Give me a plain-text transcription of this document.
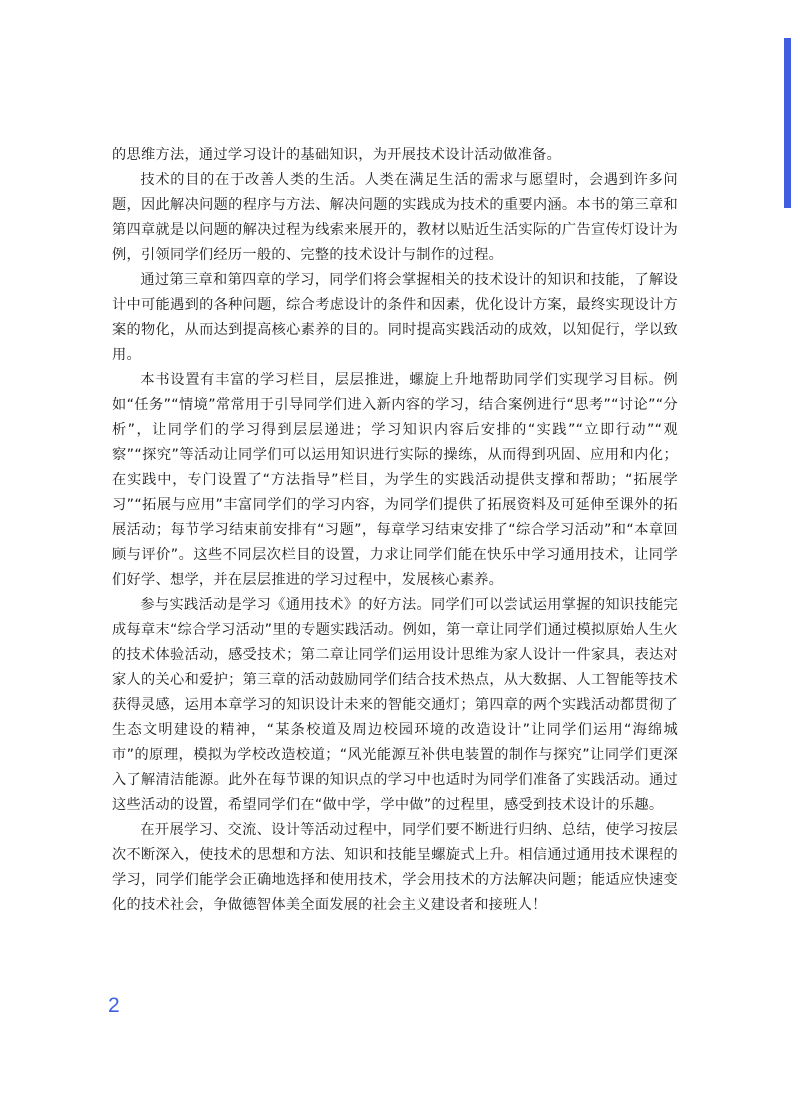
的思维方法，通过学习设计的基础知识，为开展技术设计活动做准备。

技术的目的在于改善人类的生活。人类在满足生活的需求与愿望时，会遇到许多问题，因此解决问题的程序与方法、解决问题的实践成为技术的重要内涵。本书的第三章和第四章就是以问题的解决过程为线索来展开的，教材以贴近生活实际的广告宣传灯设计为例，引领同学们经历一般的、完整的技术设计与制作的过程。

通过第三章和第四章的学习，同学们将会掌握相关的技术设计的知识和技能，了解设计中可能遇到的各种问题，综合考虑设计的条件和因素，优化设计方案，最终实现设计方案的物化，从而达到提高核心素养的目的。同时提高实践活动的成效，以知促行，学以致用。

本书设置有丰富的学习栏目，层层推进，螺旋上升地帮助同学们实现学习目标。例如“任务”“情境”常常用于引导同学们进入新内容的学习，结合案例进行“思考”“讨论”“分析”，让同学们的学习得到层层递进；学习知识内容后安排的“实践”“立即行动”“观察”“探究”等活动让同学们可以运用知识进行实际的操练，从而得到巩固、应用和内化；在实践中，专门设置了“方法指导”栏目，为学生的实践活动提供支撑和帮助；“拓展学习”“拓展与应用”丰富同学们的学习内容，为同学们提供了拓展资料及可延伸至课外的拓展活动；每节学习结束前安排有“习题”，每章学习结束安排了“综合学习活动”和“本章回顾与评价”。这些不同层次栏目的设置，力求让同学们能在快乐中学习通用技术，让同学们好学、想学，并在层层推进的学习过程中，发展核心素养。

参与实践活动是学习《通用技术》的好方法。同学们可以尝试运用掌握的知识技能完成每章末“综合学习活动”里的专题实践活动。例如，第一章让同学们通过模拟原始人生火的技术体验活动，感受技术；第二章让同学们运用设计思维为家人设计一件家具，表达对家人的关心和爱护；第三章的活动鼓励同学们结合技术热点，从大数据、人工智能等技术获得灵感，运用本章学习的知识设计未来的智能交通灯；第四章的两个实践活动都贯彻了生态文明建设的精神，“某条校道及周边校园环境的改造设计”让同学们运用“海绵城市”的原理，模拟为学校改造校道；“风光能源互补供电装置的制作与探究”让同学们更深入了解清洁能源。此外在每节课的知识点的学习中也适时为同学们准备了实践活动。通过这些活动的设置，希望同学们在“做中学，学中做”的过程里，感受到技术设计的乐趣。

在开展学习、交流、设计等活动过程中，同学们要不断进行归纳、总结，使学习按层次不断深入，使技术的思想和方法、知识和技能呈螺旋式上升。相信通过通用技术课程的学习，同学们能学会正确地选择和使用技术，学会用技术的方法解决问题；能适应快速变化的技术社会，争做德智体美全面发展的社会主义建设者和接班人！

2
